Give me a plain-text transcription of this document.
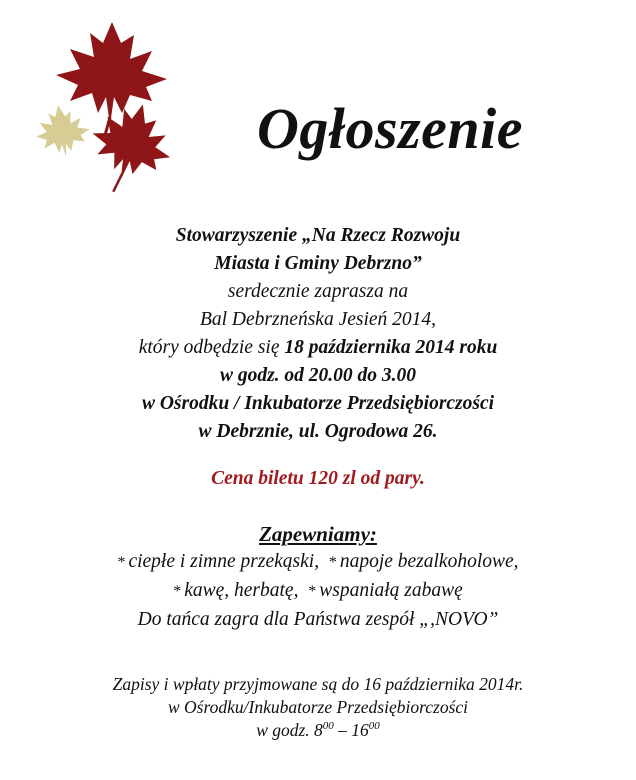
Ogłoszenie
Stowarzyszenie „Na Rzecz Rozwoju
Miasta i Gminy Debrzno”
serdecznie zaprasza na
Bal Debrzneńska Jesień 2014,
który odbędzie się 18 października 2014 roku
w godz. od 20.00 do 3.00
w Ośrodku / Inkubatorze Przedsiębiorczości
w Debrznie, ul. Ogrodowa 26.
Cena biletu 120 zl od pary.
Zapewniamy:
* ciepłe i zimne przekąski, * napoje bezalkoholowe,
* kawę, herbatę, * wspaniałą zabawę
Do tańca zagra dla Państwa zespół „,NOVO”
Zapisy i wpłaty przyjmowane są do 16 października 2014r.
w Ośrodku/Inkubatorze Przedsiębiorczości
w godz. $8^{00} - 16^{00}$
